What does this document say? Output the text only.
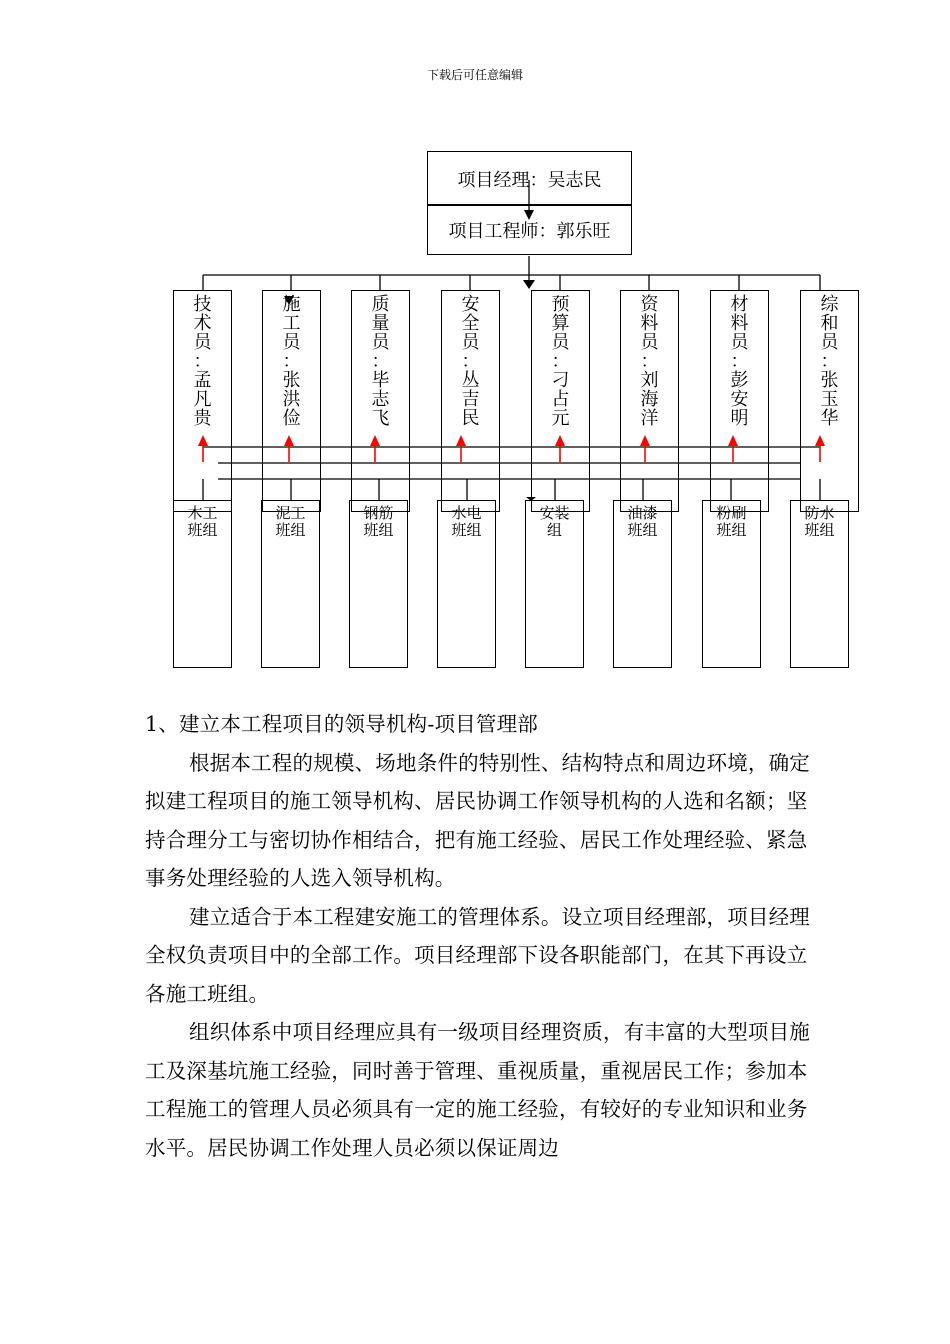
下载后可任意编辑
项目经理：吴志民
项目工程师：郭乐旺
技
术
员
：
孟
凡
贵
施
工
员
：
张
洪
俭
质
量
员
：
毕
志
飞
安
全
员
：
丛
吉
民
预
算
员
：
刁
占
元
资
料
员
：
刘
海
洋
材
料
员
：
彭
安
明
综
和
员
：
张
玉
华
木工
班组
泥工
班组
钢筋
班组
水电
班组
安装
组
油漆
班组
粉刷
班组
防水
班组

1、建立本工程项目的领导机构-项目管理部

根据本工程的规模、场地条件的特别性、结构特点和周边环境，确定拟建工程项目的施工领导机构、居民协调工作领导机构的人选和名额；坚持合理分工与密切协作相结合，把有施工经验、居民工作处理经验、紧急事务处理经验的人选入领导机构。

建立适合于本工程建安施工的管理体系。设立项目经理部，项目经理全权负责项目中的全部工作。项目经理部下设各职能部门，在其下再设立各施工班组。

组织体系中项目经理应具有一级项目经理资质，有丰富的大型项目施工及深基坑施工经验，同时善于管理、重视质量，重视居民工作；参加本工程施工的管理人员必须具有一定的施工经验，有较好的专业知识和业务水平。居民协调工作处理人员必须以保证周边
